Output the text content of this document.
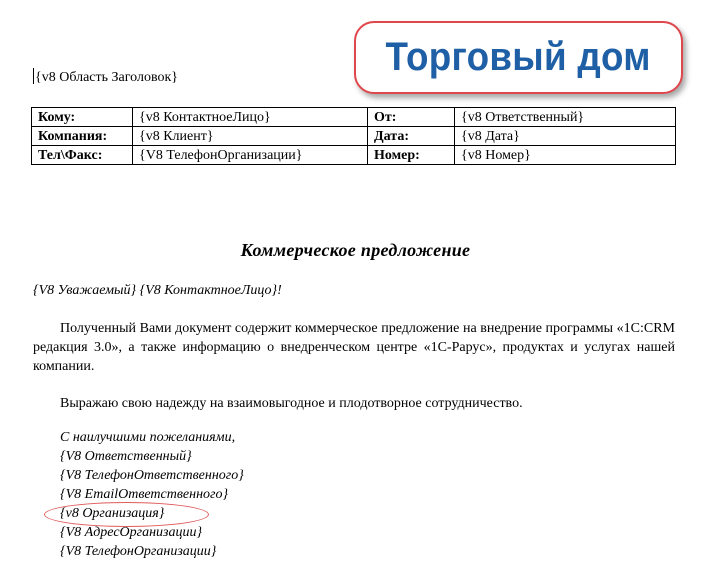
Торговый дом
{v8 Область Заголовок}
Кому:	{v8 КонтактноеЛицо}	От:	{v8 Ответственный}
Компания:	{v8 Клиент}	Дата:	{v8 Дата}
Тел\Факс:	{V8 ТелефонОрганизации}	Номер:	{v8 Номер}
Коммерческое предложение
{V8 Уважаемый} {V8 КонтактноеЛицо}!
Полученный Вами документ содержит коммерческое предложение на внедрение программы «1С:CRM редакция 3.0», а также информацию о внедренческом центре «1С-Рарус», продуктах и услугах нашей компании.
Выражаю свою надежду на взаимовыгодное и плодотворное сотрудничество.
С наилучшими пожеланиями,
{V8 Ответственный}
{V8 ТелефонОтветственного}
{V8 EmailОтветственного}
{v8 Организация}
{V8 АдресОрганизации}
{V8 ТелефонОрганизации}
